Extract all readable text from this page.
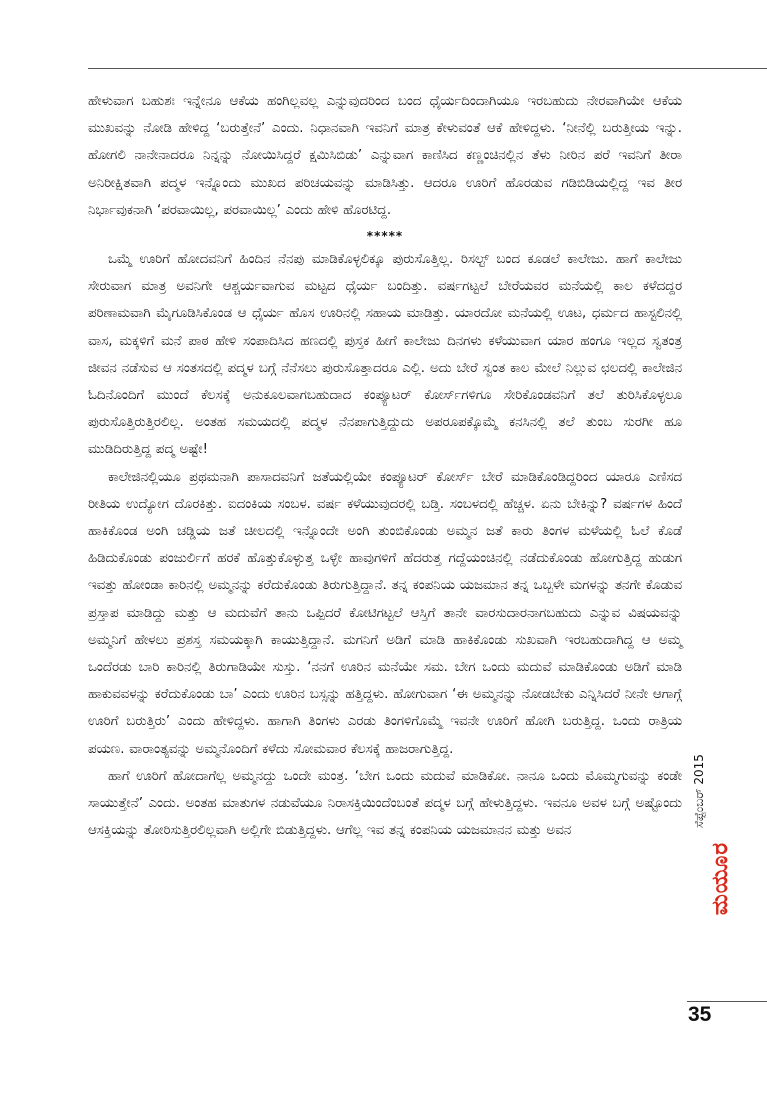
ಹೇಳುವಾಗ ಬಹುಶಃ ಇನ್ನೇನೂ ಆಕೆಯ ಹಂಗಿಲ್ಲವಲ್ಲ ಎನ್ನುವುದರಿಂದ ಬಂದ ಧೈರ್ಯದಿಂದಾಗಿಯೂ ಇರಬಹುದು ನೇರವಾಗಿಯೇ ಆಕೆಯ ಮುಖವನ್ನು ನೋಡಿ ಹೇಳಿದ್ದ ‘ಬರುತ್ತೇನೆ’ ಎಂದು. ನಿಧಾನವಾಗಿ ಇವನಿಗೆ ಮಾತ್ರ ಕೇಳುವಂತೆ ಆಕೆ ಹೇಳಿದ್ದಳು. ‘ನೀನೆಲ್ಲಿ ಬರುತ್ತೀಯ ಇನ್ನು. ಹೋಗಲಿ ನಾನೇನಾದರೂ ನಿನ್ನನ್ನು ನೋಯಿಸಿದ್ದರೆ ಕ್ಷಮಿಸಿಬಿಡು’ ಎನ್ನುವಾಗ ಕಾಣಿಸಿದ ಕಣ್ಣಂಚಿನಲ್ಲಿನ ತೆಳು ನೀರಿನ ಪರೆ ಇವನಿಗೆ ತೀರಾ ಅನಿರೀಕ್ಷಿತವಾಗಿ ಪದ್ಮಳ ಇನ್ನೊಂದು ಮುಖದ ಪರಿಚಯವನ್ನು ಮಾಡಿಸಿತ್ತು. ಆದರೂ ಊರಿಗೆ ಹೊರಡುವ ಗಡಿಬಿಡಿಯಲ್ಲಿದ್ದ ಇವ ತೀರ ನಿರ್ಭಾವುಕನಾಗಿ ‘ಪರವಾಯಿಲ್ಲ, ಪರವಾಯಿಲ್ಲ’ ಎಂದು ಹೇಳಿ ಹೊರಟಿದ್ದ.

*****

ಒಮ್ಮೆ ಊರಿಗೆ ಹೋದವನಿಗೆ ಹಿಂದಿನ ನೆನಪು ಮಾಡಿಕೊಳ್ಳಲಿಕ್ಕೂ ಪುರುಸೊತ್ತಿಲ್ಲ. ರಿಸಲ್ಟ್ ಬಂದ ಕೂಡಲೆ ಕಾಲೇಜು. ಹಾಗೆ ಕಾಲೇಜು ಸೇರುವಾಗ ಮಾತ್ರ ಅವನಿಗೇ ಆಶ್ಚರ್ಯವಾಗುವ ಮಟ್ಟದ ಧೈರ್ಯ ಬಂದಿತ್ತು. ವರ್ಷಗಟ್ಟಲೆ ಬೇರೆಯವರ ಮನೆಯಲ್ಲಿ ಕಾಲ ಕಳೆದದ್ದರ ಪರಿಣಾಮವಾಗಿ ಮೈಗೂಡಿಸಿಕೊಂಡ ಆ ಧೈರ್ಯ ಹೊಸ ಊರಿನಲ್ಲಿ ಸಹಾಯ ಮಾಡಿತ್ತು. ಯಾರದೋ ಮನೆಯಲ್ಲಿ ಊಟ, ಧರ್ಮದ ಹಾಸ್ಟಲಿನಲ್ಲಿ ವಾಸ, ಮಕ್ಕಳಿಗೆ ಮನೆ ಪಾಠ ಹೇಳಿ ಸಂಪಾದಿಸಿದ ಹಣದಲ್ಲಿ ಪುಸ್ತಕ ಹೀಗೆ ಕಾಲೇಜು ದಿನಗಳು ಕಳೆಯುವಾಗ ಯಾರ ಹಂಗೂ ಇಲ್ಲದ ಸ್ವತಂತ್ರ ಜೀವನ ನಡೆಸುವ ಆ ಸಂತಸದಲ್ಲಿ ಪದ್ಮಳ ಬಗ್ಗೆ ನೆನೆಸಲು ಪುರುಸೊತ್ತಾದರೂ ಎಲ್ಲಿ. ಅದು ಬೇರೆ ಸ್ವಂತ ಕಾಲ ಮೇಲೆ ನಿಲ್ಲುವ ಛಲದಲ್ಲಿ ಕಾಲೇಜಿನ ಓದಿನೊಂದಿಗೆ ಮುಂದೆ ಕೆಲಸಕ್ಕೆ ಅನುಕೂಲವಾಗಬಹುದಾದ ಕಂಪ್ಯೂಟರ್ ಕೋರ್ಸ್‌ಗಳಿಗೂ ಸೇರಿಕೊಂಡವನಿಗೆ ತಲೆ ತುರಿಸಿಕೊಳ್ಳಲೂ ಪುರುಸೊತ್ತಿರುತ್ತಿರಲಿಲ್ಲ. ಅಂತಹ ಸಮಯದಲ್ಲಿ ಪದ್ಮಳ ನೆನಪಾಗುತ್ತಿದ್ದುದು ಅಪರೂಪಕ್ಕೊಮ್ಮೆ ಕನಸಿನಲ್ಲಿ ತಲೆ ತುಂಬ ಸುರಗೀ ಹೂ ಮುಡಿದಿರುತ್ತಿದ್ದ ಪದ್ಮ ಅಷ್ಟೇ!

ಕಾಲೇಜಿನಲ್ಲಿಯೂ ಪ್ರಥಮನಾಗಿ ಪಾಸಾದವನಿಗೆ ಜತೆಯಲ್ಲಿಯೇ ಕಂಪ್ಯೂಟರ್ ಕೋರ್ಸ್ ಬೇರೆ ಮಾಡಿಕೊಂಡಿದ್ದರಿಂದ ಯಾರೂ ಎಣಿಸದ ರೀತಿಯ ಉದ್ಯೋಗ ದೊರಕಿತ್ತು. ಐದಂಕಿಯ ಸಂಬಳ. ವರ್ಷ ಕಳೆಯುವುದರಲ್ಲಿ ಬಡ್ತಿ. ಸಂಬಳದಲ್ಲಿ ಹೆಚ್ಚಳ. ಏನು ಬೇಕಿನ್ನು? ವರ್ಷಗಳ ಹಿಂದೆ ಹಾಕಿಕೊಂಡ ಅಂಗಿ ಚಡ್ಡಿಯ ಜತೆ ಚೀಲದಲ್ಲಿ ಇನ್ನೊಂದೇ ಅಂಗಿ ತುಂಬಿಕೊಂಡು ಅಮ್ಮನ ಜತೆ ಕಾರು ತಿಂಗಳ ಮಳೆಯಲ್ಲಿ ಓಲೆ ಕೊಡೆ ಹಿಡಿದುಕೊಂಡು ಪಂಜುರ್ಲಿಗೆ ಹರಕೆ ಹೊತ್ತುಕೊಳ್ಳುತ್ತ ಒಳ್ಳೇ ಹಾವುಗಳಿಗೆ ಹೆದರುತ್ತ ಗದ್ದೆಯಂಚಿನಲ್ಲಿ ನಡೆದುಕೊಂಡು ಹೋಗುತ್ತಿದ್ದ ಹುಡುಗ ಇವತ್ತು ಹೋಂಡಾ ಕಾರಿನಲ್ಲಿ ಅಮ್ಮನನ್ನು ಕರೆದುಕೊಂಡು ತಿರುಗುತ್ತಿದ್ದಾನೆ. ತನ್ನ ಕಂಪನಿಯ ಯಜಮಾನ ತನ್ನ ಒಬ್ಬಳೇ ಮಗಳನ್ನು ತನಗೇ ಕೊಡುವ ಪ್ರಸ್ತಾಪ ಮಾಡಿದ್ದು ಮತ್ತು ಆ ಮದುವೆಗೆ ತಾನು ಒಪ್ಪಿದರೆ ಕೋಟಿಗಟ್ಟಲೆ ಆಸ್ತಿಗೆ ತಾನೇ ವಾರಸುದಾರನಾಗಬಹುದು ಎನ್ನುವ ವಿಷಯವನ್ನು ಅಮ್ಮನಿಗೆ ಹೇಳಲು ಪ್ರಶಸ್ತ ಸಮಯಕ್ಕಾಗಿ ಕಾಯುತ್ತಿದ್ದಾನೆ. ಮಗನಿಗೆ ಅಡಿಗೆ ಮಾಡಿ ಹಾಕಿಕೊಂಡು ಸುಖವಾಗಿ ಇರಬಹುದಾಗಿದ್ದ ಆ ಅಮ್ಮ ಒಂದೆರಡು ಬಾರಿ ಕಾರಿನಲ್ಲಿ ತಿರುಗಾಡಿಯೇ ಸುಸ್ತು. ‘ನನಗೆ ಊರಿನ ಮನೆಯೇ ಸಮ. ಬೇಗ ಒಂದು ಮದುವೆ ಮಾಡಿಕೊಂಡು ಅಡಿಗೆ ಮಾಡಿ ಹಾಕುವವಳನ್ನು ಕರೆದುಕೊಂಡು ಬಾ’ ಎಂದು ಊರಿನ ಬಸ್ಸನ್ನು ಹತ್ತಿದ್ದಳು. ಹೋಗುವಾಗ ‘ಈ ಅಮ್ಮನನ್ನು ನೋಡಬೇಕು ಎನ್ನಿಸಿದರೆ ನೀನೇ ಆಗಾಗ್ಗೆ ಊರಿಗೆ ಬರುತ್ತಿರು’ ಎಂದು ಹೇಳಿದ್ದಳು. ಹಾಗಾಗಿ ತಿಂಗಳು ಎರಡು ತಿಂಗಳಿಗೊಮ್ಮೆ ಇವನೇ ಊರಿಗೆ ಹೋಗಿ ಬರುತ್ತಿದ್ದ. ಒಂದು ರಾತ್ರಿಯ ಪಯಣ. ವಾರಾಂತ್ಯವನ್ನು ಅಮ್ಮನೊಂದಿಗೆ ಕಳೆದು ಸೋಮವಾರ ಕೆಲಸಕ್ಕೆ ಹಾಜರಾಗುತ್ತಿದ್ದ.

ಹಾಗೆ ಊರಿಗೆ ಹೋದಾಗೆಲ್ಲ ಅಮ್ಮನದ್ದು ಒಂದೇ ಮಂತ್ರ. ‘ಬೇಗ ಒಂದು ಮದುವೆ ಮಾಡಿಕೋ. ನಾನೂ ಒಂದು ಮೊಮ್ಮಗುವನ್ನು ಕಂಡೇ ಸಾಯುತ್ತೇನೆ’ ಎಂದು. ಅಂತಹ ಮಾತುಗಳ ನಡುವೆಯೂ ನಿರಾಸಕ್ತಿಯಿಂದೆಂಬಂತೆ ಪದ್ಮಳ ಬಗ್ಗೆ ಹೇಳುತ್ತಿದ್ದಳು. ಇವನೂ ಅವಳ ಬಗ್ಗೆ ಅಷ್ಟೊಂದು ಆಸಕ್ತಿಯನ್ನು ತೋರಿಸುತ್ತಿರಲಿಲ್ಲವಾಗಿ ಅಲ್ಲಿಗೇ ಬಿಡುತ್ತಿದ್ದಳು. ಆಗೆಲ್ಲ ಇವ ತನ್ನ ಕಂಪನಿಯ ಯಜಮಾನನ ಮತ್ತು ಅವನ

ಸೆಪ್ಟೆಂಬರ್ 2015
ಮಯೂರ
35
